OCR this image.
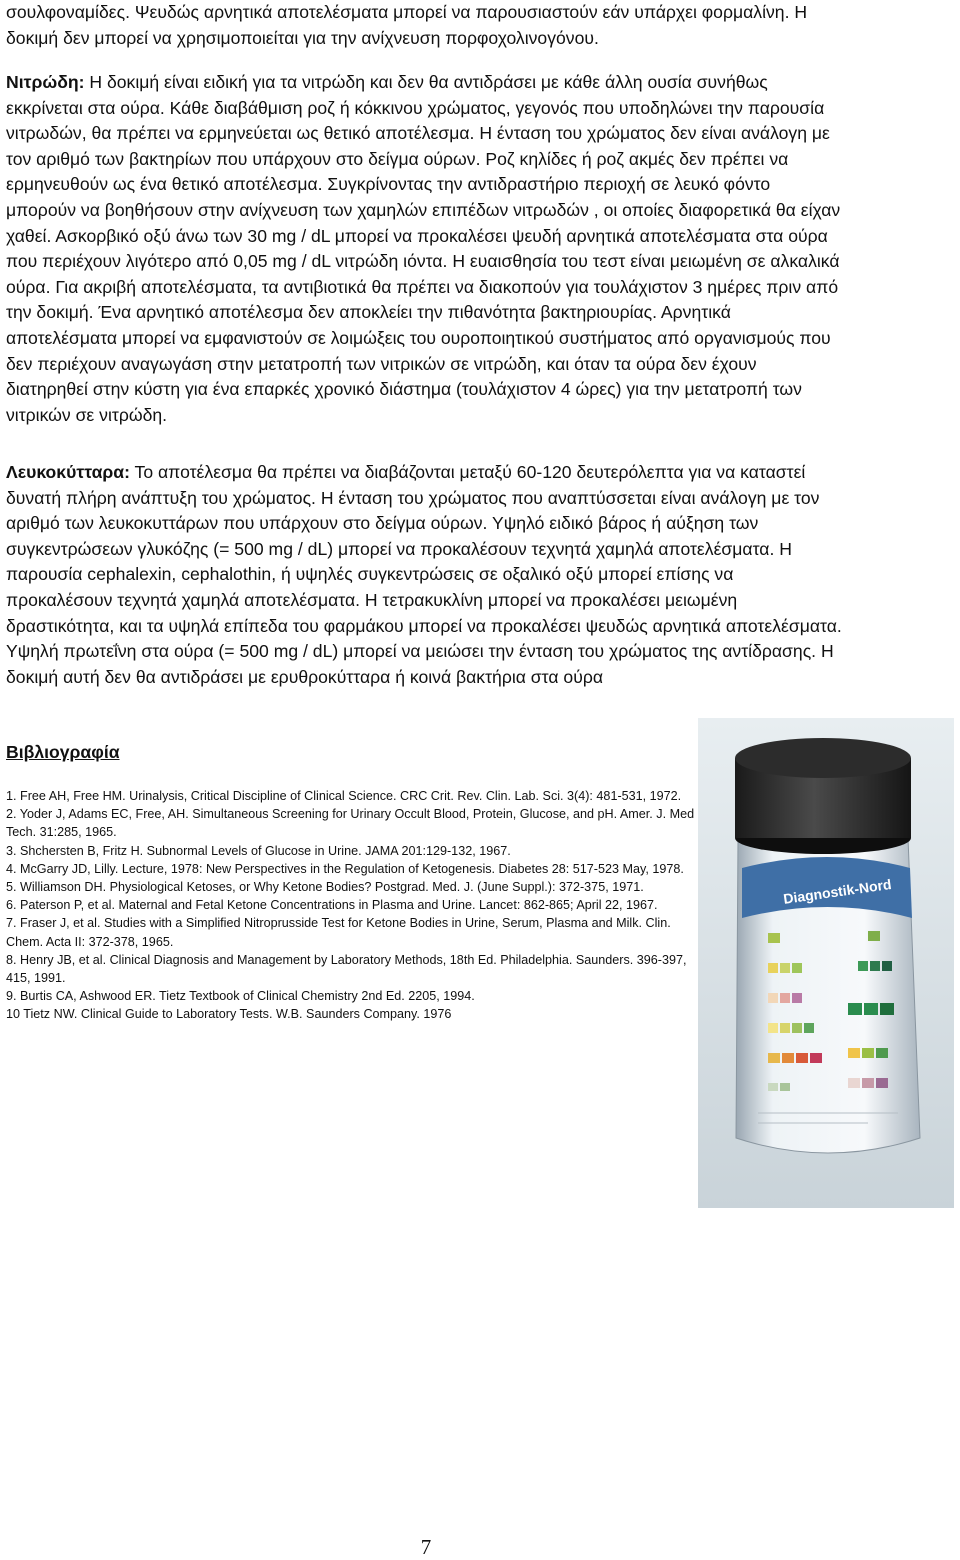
σουλφοναμίδες. Ψευδώς αρνητικά αποτελέσματα μπορεί να παρουσιαστούν εάν υπάρχει φορμαλίνη. Η δοκιμή δεν μπορεί να χρησιμοποιείται για την ανίχνευση πορφοχολινογόνου.

Νιτρώδη: Η δοκιμή είναι ειδική για τα νιτρώδη και δεν θα αντιδράσει με κάθε άλλη ουσία συνήθως εκκρίνεται στα ούρα. Κάθε διαβάθμιση ροζ ή κόκκινου χρώματος, γεγονός που υποδηλώνει την παρουσία νιτρωδών, θα πρέπει να ερμηνεύεται ως θετικό αποτέλεσμα. Η ένταση του χρώματος δεν είναι ανάλογη με τον αριθμό των βακτηρίων που υπάρχουν στο δείγμα ούρων. Ροζ κηλίδες ή ροζ ακμές δεν πρέπει να ερμηνευθούν ως ένα θετικό αποτέλεσμα. Συγκρίνοντας την αντιδραστήριο περιοχή σε λευκό φόντο μπορούν να βοηθήσουν στην ανίχνευση των χαμηλών επιπέδων νιτρωδών , οι οποίες διαφορετικά θα είχαν χαθεί. Ασκορβικό οξύ άνω των 30 mg / dL μπορεί να προκαλέσει ψευδή αρνητικά αποτελέσματα στα ούρα που περιέχουν λιγότερο από 0,05 mg / dL νιτρώδη ιόντα. Η ευαισθησία του τεστ είναι μειωμένη σε αλκαλικά ούρα. Για ακριβή αποτελέσματα, τα αντιβιοτικά θα πρέπει να διακοπούν για τουλάχιστον 3 ημέρες πριν από την δοκιμή. Ένα αρνητικό αποτέλεσμα δεν αποκλείει την πιθανότητα βακτηριουρίας. Αρνητικά αποτελέσματα μπορεί να εμφανιστούν σε λοιμώξεις του ουροποιητικού συστήματος από οργανισμούς που δεν περιέχουν αναγωγάση στην μετατροπή των νιτρικών σε νιτρώδη, και όταν τα ούρα δεν έχουν διατηρηθεί στην κύστη για ένα επαρκές χρονικό διάστημα (τουλάχιστον 4 ώρες) για την μετατροπή των νιτρικών σε νιτρώδη.

Λευκοκύτταρα: Το αποτέλεσμα θα πρέπει να διαβάζονται μεταξύ 60-120 δευτερόλεπτα για να καταστεί δυνατή πλήρη ανάπτυξη του χρώματος. Η ένταση του χρώματος που αναπτύσσεται είναι ανάλογη με τον αριθμό των λευκοκυττάρων που υπάρχουν στο δείγμα ούρων. Υψηλό ειδικό βάρος ή αύξηση των συγκεντρώσεων γλυκόζης (= 500 mg / dL) μπορεί να προκαλέσουν τεχνητά χαμηλά αποτελέσματα. Η παρουσία cephalexin, cephalothin, ή υψηλές συγκεντρώσεις σε οξαλικό οξύ μπορεί επίσης να προκαλέσουν τεχνητά χαμηλά αποτελέσματα. Η τετρακυκλίνη μπορεί να προκαλέσει μειωμένη δραστικότητα, και τα υψηλά επίπεδα του φαρμάκου μπορεί να προκαλέσει ψευδώς αρνητικά αποτελέσματα. Υψηλή πρωτεΐνη στα ούρα (= 500 mg / dL) μπορεί να μειώσει την ένταση του χρώματος της αντίδρασης. Η δοκιμή αυτή δεν θα αντιδράσει με ερυθροκύτταρα ή κοινά βακτήρια στα ούρα

Βιβλιογραφία
1. Free AH, Free HM. Urinalysis, Critical Discipline of Clinical Science. CRC Crit. Rev. Clin. Lab. Sci. 3(4): 481-531, 1972.
2. Yoder J, Adams EC, Free, AH. Simultaneous Screening for Urinary Occult Blood, Protein, Glucose, and pH. Amer. J. Med Tech. 31:285, 1965.
3. Shchersten B, Fritz H. Subnormal Levels of Glucose in Urine. JAMA 201:129-132, 1967.
4. McGarry JD, Lilly. Lecture, 1978: New Perspectives in the Regulation of Ketogenesis. Diabetes 28: 517-523 May, 1978.
5. Williamson DH. Physiological Ketoses, or Why Ketone Bodies? Postgrad. Med. J. (June Suppl.): 372-375, 1971.
6. Paterson P, et al. Maternal and Fetal Ketone Concentrations in Plasma and Urine. Lancet: 862-865; April 22, 1967.
7. Fraser J, et al. Studies with a Simplified Nitroprusside Test for Ketone Bodies in Urine, Serum, Plasma and Milk. Clin. Chem. Acta II: 372-378, 1965.
8. Henry JB, et al. Clinical Diagnosis and Management by Laboratory Methods, 18th Ed. Philadelphia. Saunders. 396-397, 415, 1991.
9. Burtis CA, Ashwood ER. Tietz Textbook of Clinical Chemistry 2nd Ed. 2205, 1994.
10 Tietz NW. Clinical Guide to Laboratory Tests. W.B. Saunders Company. 1976
Diagnostik-Nord
7
